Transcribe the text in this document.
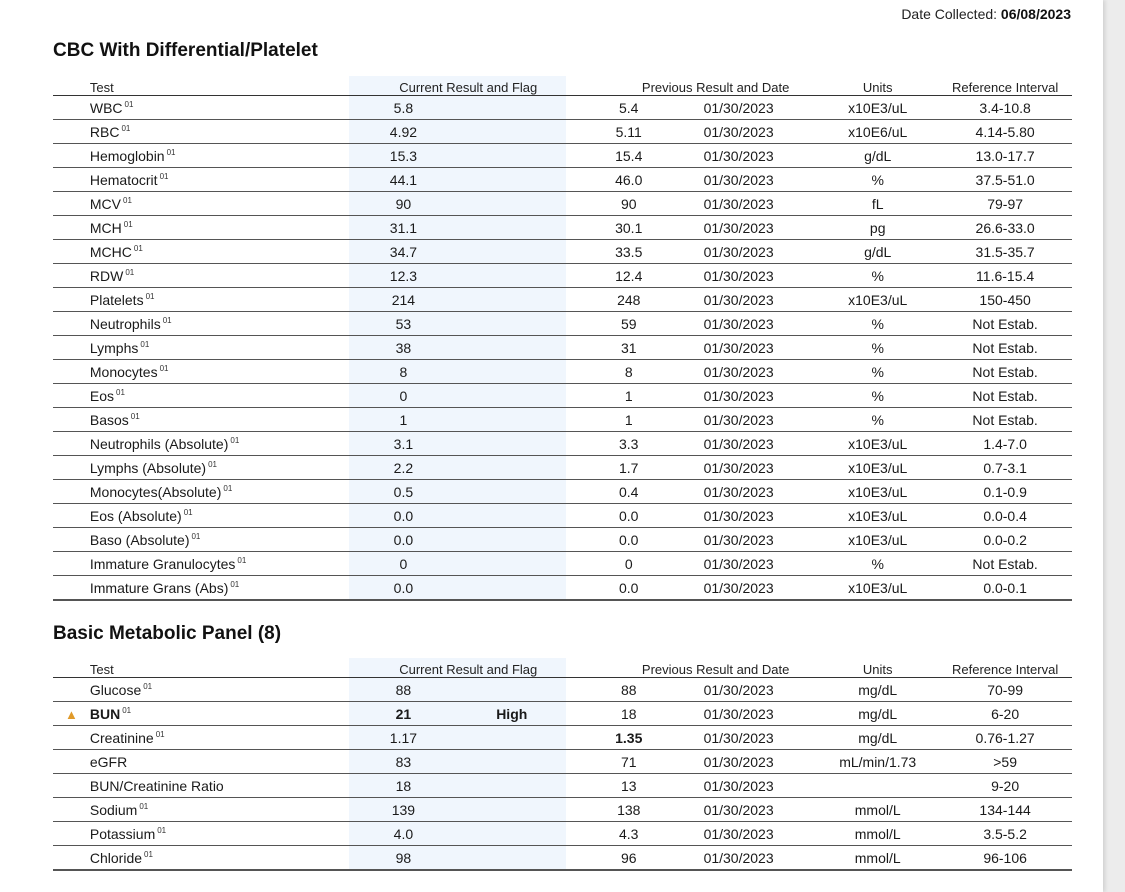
Date Collected: 06/08/2023
CBC With Differential/Platelet
	Test	Current Result and Flag		Previous Result and Date		Units	Reference Interval
	WBC $^{01}$	5.8		5.4	01/30/2023	x10E3/uL	3.4-10.8
	RBC $^{01}$	4.92		5.11	01/30/2023	x10E6/uL	4.14-5.80
	Hemoglobin $^{01}$	15.3		15.4	01/30/2023	g/dL	13.0-17.7
	Hematocrit $^{01}$	44.1		46.0	01/30/2023	%	37.5-51.0
	MCV $^{01}$	90		90	01/30/2023	fL	79-97
	MCH $^{01}$	31.1		30.1	01/30/2023	pg	26.6-33.0
	MCHC $^{01}$	34.7		33.5	01/30/2023	g/dL	31.5-35.7
	RDW $^{01}$	12.3		12.4	01/30/2023	%	11.6-15.4
	Platelets $^{01}$	214		248	01/30/2023	x10E3/uL	150-450
	Neutrophils $^{01}$	53		59	01/30/2023	%	Not Estab.
	Lymphs $^{01}$	38		31	01/30/2023	%	Not Estab.
	Monocytes $^{01}$	8		8	01/30/2023	%	Not Estab.
	Eos $^{01}$	0		1	01/30/2023	%	Not Estab.
	Basos $^{01}$	1		1	01/30/2023	%	Not Estab.
	Neutrophils (Absolute) $^{01}$	3.1		3.3	01/30/2023	x10E3/uL	1.4-7.0
	Lymphs (Absolute) $^{01}$	2.2		1.7	01/30/2023	x10E3/uL	0.7-3.1
	Monocytes(Absolute) $^{01}$	0.5		0.4	01/30/2023	x10E3/uL	0.1-0.9
	Eos (Absolute) $^{01}$	0.0		0.0	01/30/2023	x10E3/uL	0.0-0.4
	Baso (Absolute) $^{01}$	0.0		0.0	01/30/2023	x10E3/uL	0.0-0.2
	Immature Granulocytes $^{01}$	0		0	01/30/2023	%	Not Estab.
	Immature Grans (Abs) $^{01}$	0.0		0.0	01/30/2023	x10E3/uL	0.0-0.1
Basic Metabolic Panel (8)
	Test	Current Result and Flag		Previous Result and Date		Units	Reference Interval
	Glucose $^{01}$	88		88	01/30/2023	mg/dL	70-99
▲	BUN $^{01}$	21	High	18	01/30/2023	mg/dL	6-20
	Creatinine $^{01}$	1.17		1.35	01/30/2023	mg/dL	0.76-1.27
	eGFR	83		71	01/30/2023	mL/min/1.73	>59
	BUN/Creatinine Ratio	18		13	01/30/2023		9-20
	Sodium $^{01}$	139		138	01/30/2023	mmol/L	134-144
	Potassium $^{01}$	4.0		4.3	01/30/2023	mmol/L	3.5-5.2
	Chloride $^{01}$	98		96	01/30/2023	mmol/L	96-106
